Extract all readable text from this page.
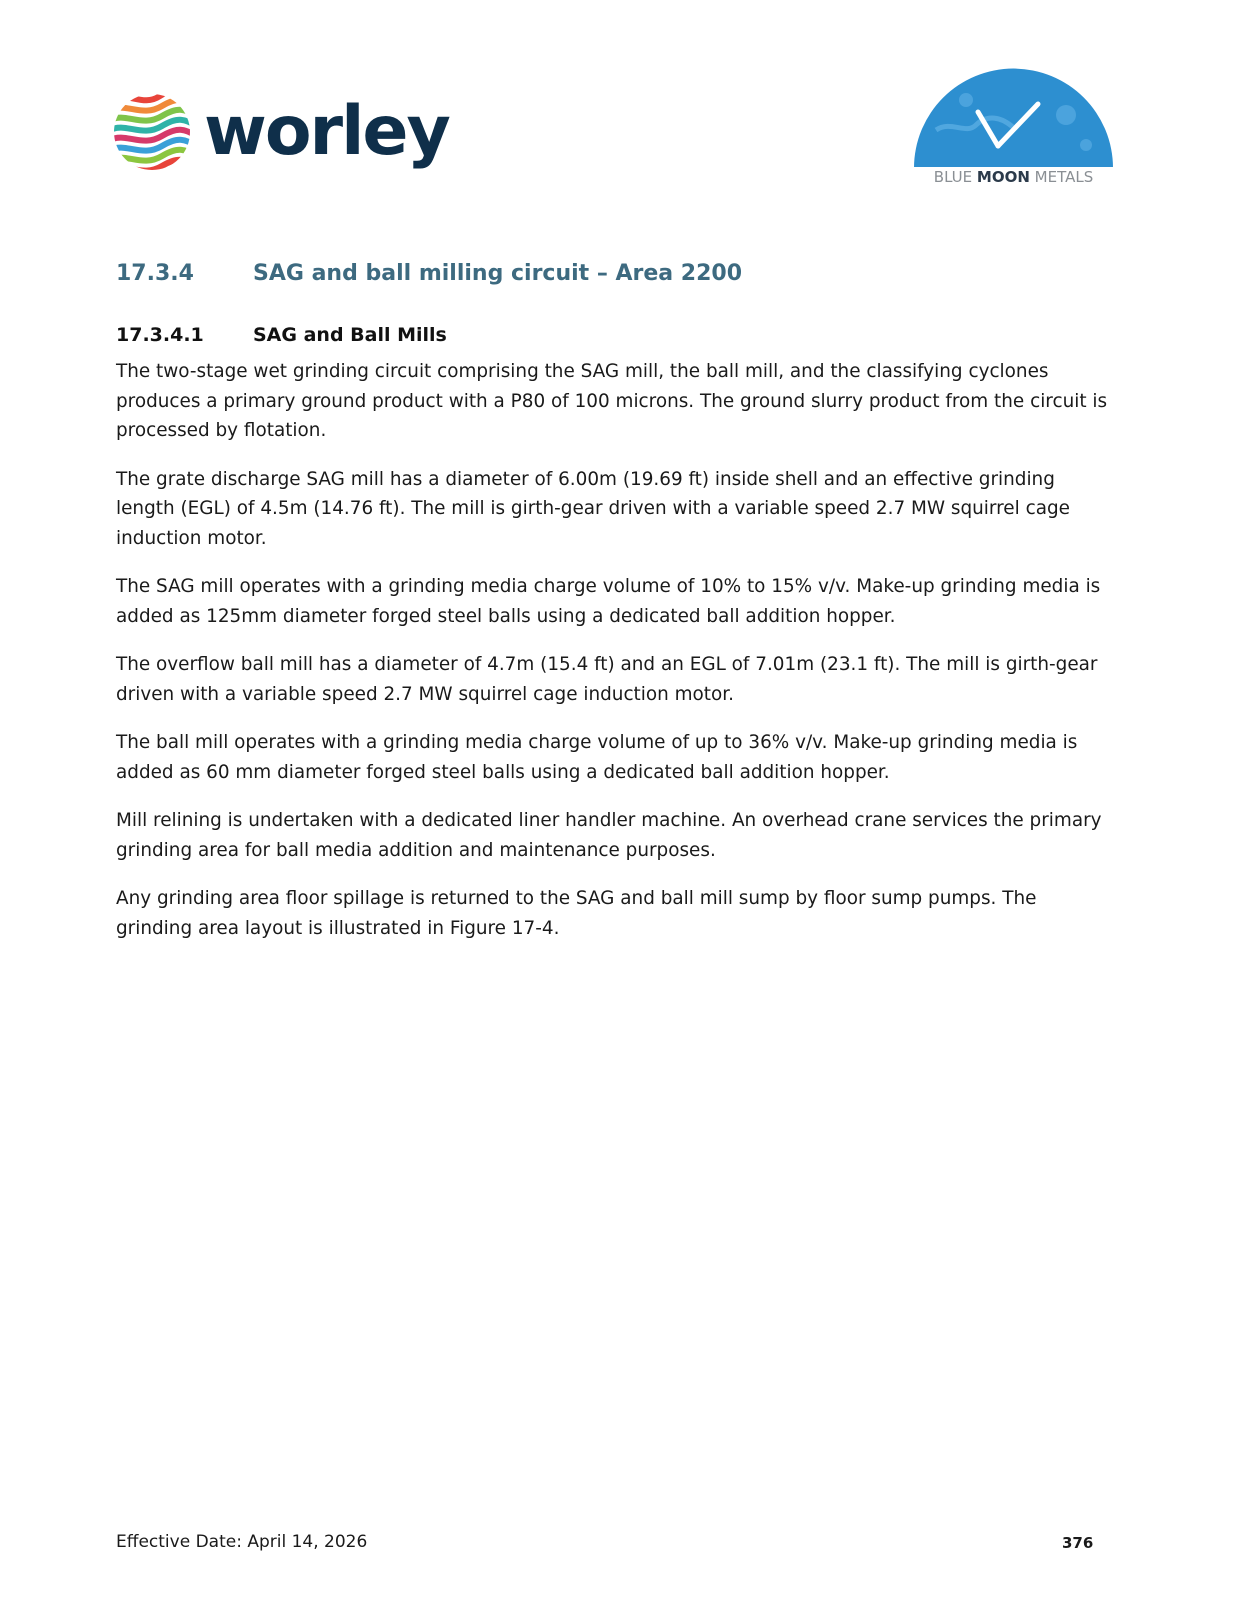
worley
BLUE MOON METALS
17.3.4	SAG and ball milling circuit – Area 2200
17.3.4.1	SAG and Ball Mills

The two-stage wet grinding circuit comprising the SAG mill, the ball mill, and the classifying cyclones produces a primary ground product with a P80 of 100 microns. The ground slurry product from the circuit is processed by flotation.

The grate discharge SAG mill has a diameter of 6.00m (19.69 ft) inside shell and an effective grinding length (EGL) of 4.5m (14.76 ft). The mill is girth-gear driven with a variable speed 2.7 MW squirrel cage induction motor.

The SAG mill operates with a grinding media charge volume of 10% to 15% v/v. Make-up grinding media is added as 125mm diameter forged steel balls using a dedicated ball addition hopper.

The overflow ball mill has a diameter of 4.7m (15.4 ft) and an EGL of 7.01m (23.1 ft). The mill is girth-gear driven with a variable speed 2.7 MW squirrel cage induction motor.

The ball mill operates with a grinding media charge volume of up to 36% v/v. Make-up grinding media is added as 60 mm diameter forged steel balls using a dedicated ball addition hopper.

Mill relining is undertaken with a dedicated liner handler machine. An overhead crane services the primary grinding area for ball media addition and maintenance purposes.

Any grinding area floor spillage is returned to the SAG and ball mill sump by floor sump pumps. The grinding area layout is illustrated in Figure 17-4.

Effective Date: April 14, 2026	376
